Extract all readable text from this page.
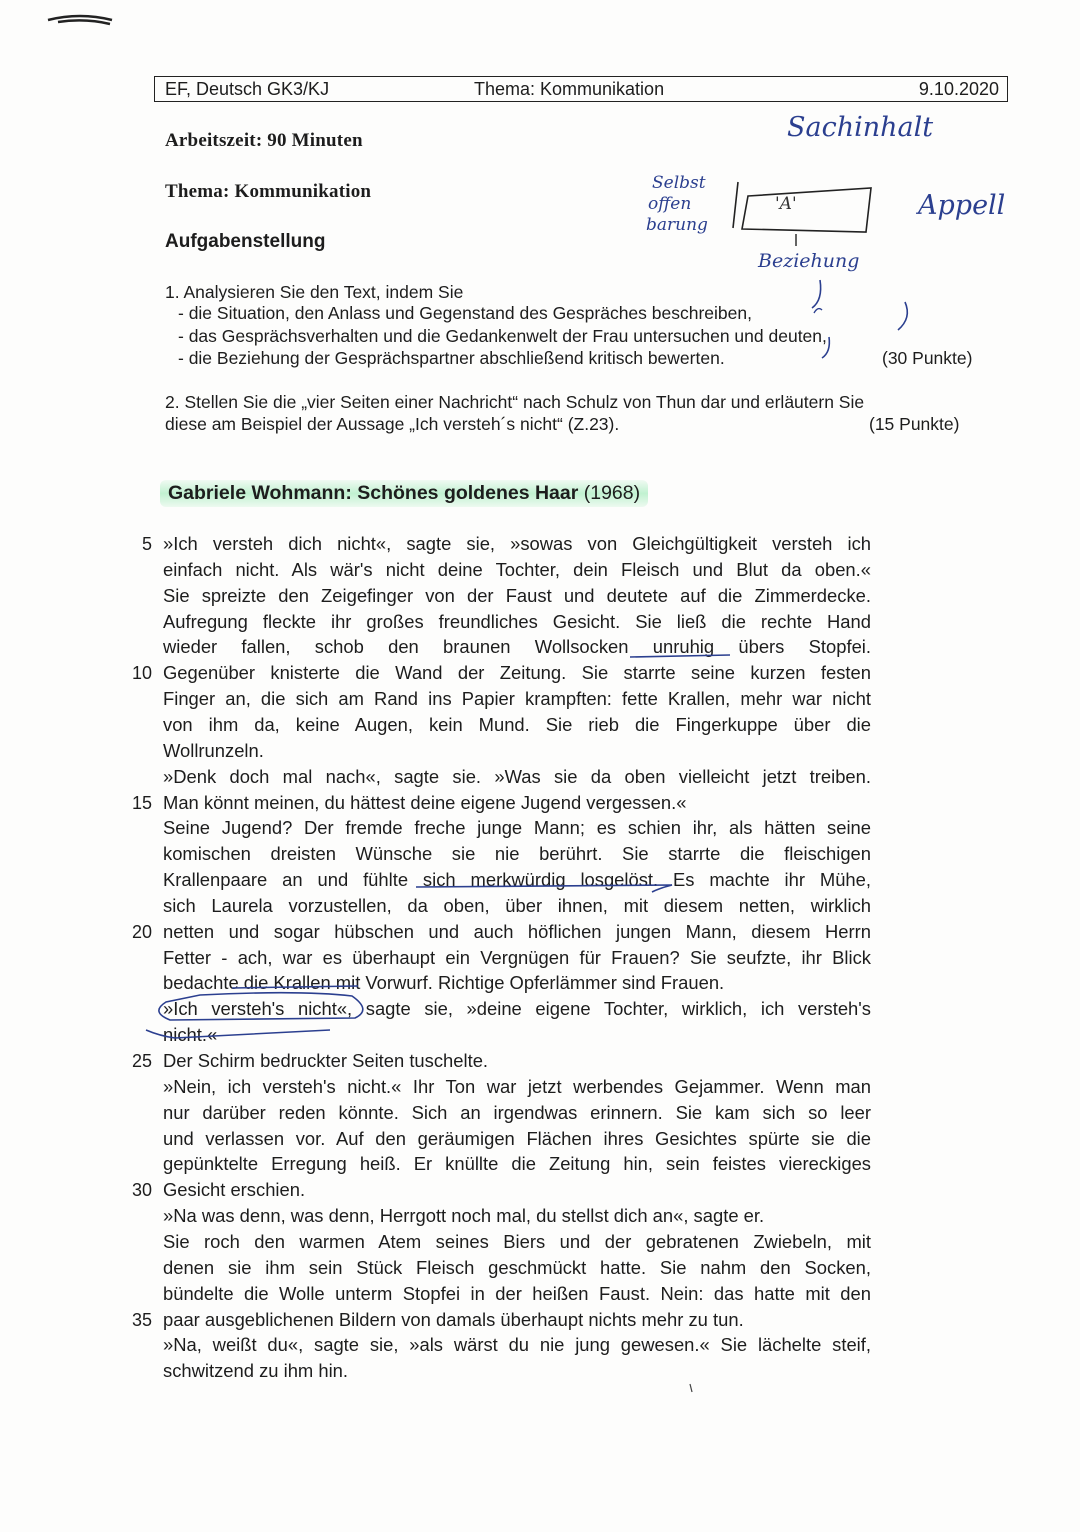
EF, Deutsch GK3/KJ	Thema: Kommunikation	9.10.2020
Arbeitszeit: 90 Minuten
Thema: Kommunikation
Aufgabenstellung
1. Analysieren Sie den Text, indem Sie
- die Situation, den Anlass und Gegenstand des Gespräches beschreiben,
- das Gesprächsverhalten und die Gedankenwelt der Frau untersuchen und deuten,
- die Beziehung der Gesprächspartner abschließend kritisch bewerten.	(30 Punkte)
2. Stellen Sie die „vier Seiten einer Nachricht“ nach Schulz von Thun dar und erläutern Sie
diese am Beispiel der Aussage „Ich versteh´s nicht“ (Z.23).	(15 Punkte)
Gabriele Wohmann: Schönes goldenes Haar (1968)
5 »Ich versteh dich nicht«, sagte sie, »sowas von Gleichgültigkeit versteh ich
einfach nicht. Als wär's nicht deine Tochter, dein Fleisch und Blut da oben.«
Sie spreizte den Zeigefinger von der Faust und deutete auf die Zimmerdecke.
Aufregung fleckte ihr großes freundliches Gesicht. Sie ließ die rechte Hand
wieder fallen, schob den braunen Wollsocken unruhig übers Stopfei.
10 Gegenüber knisterte die Wand der Zeitung. Sie starrte seine kurzen festen
Finger an, die sich am Rand ins Papier krampften: fette Krallen, mehr war nicht
von ihm da, keine Augen, kein Mund. Sie rieb die Fingerkuppe über die
Wollrunzeln.
»Denk doch mal nach«, sagte sie. »Was sie da oben vielleicht jetzt treiben.
15 Man könnt meinen, du hättest deine eigene Jugend vergessen.«
Seine Jugend? Der fremde freche junge Mann; es schien ihr, als hätten seine
komischen dreisten Wünsche sie nie berührt. Sie starrte die fleischigen
Krallenpaare an und fühlte sich merkwürdig losgelöst. Es machte ihr Mühe,
sich Laurela vorzustellen, da oben, über ihnen, mit diesem netten, wirklich
20 netten und sogar hübschen und auch höflichen jungen Mann, diesem Herrn
Fetter - ach, war es überhaupt ein Vergnügen für Frauen? Sie seufzte, ihr Blick
bedachte die Krallen mit Vorwurf. Richtige Opferlämmer sind Frauen.
»Ich versteh's nicht«, sagte sie, »deine eigene Tochter, wirklich, ich versteh's
nicht.«
25 Der Schirm bedruckter Seiten tuschelte.
»Nein, ich versteh's nicht.« Ihr Ton war jetzt werbendes Gejammer. Wenn man
nur darüber reden könnte. Sich an irgendwas erinnern. Sie kam sich so leer
und verlassen vor. Auf den geräumigen Flächen ihres Gesichtes spürte sie die
gepünktelte Erregung heiß. Er knüllte die Zeitung hin, sein feistes viereckiges
30 Gesicht erschien.
»Na was denn, was denn, Herrgott noch mal, du stellst dich an«, sagte er.
Sie roch den warmen Atem seines Biers und der gebratenen Zwiebeln, mit
denen sie ihm sein Stück Fleisch geschmückt hatte. Sie nahm den Socken,
bündelte die Wolle unterm Stopfei in der heißen Faust. Nein: das hatte mit den
35 paar ausgeblichenen Bildern von damals überhaupt nichts mehr zu tun.
»Na, weißt du«, sagte sie, »als wärst du nie jung gewesen.« Sie lächelte steif,
schwitzend zu ihm hin.
Sachinhalt
Selbst
offen
barung
'A'	Appell
Beziehung
